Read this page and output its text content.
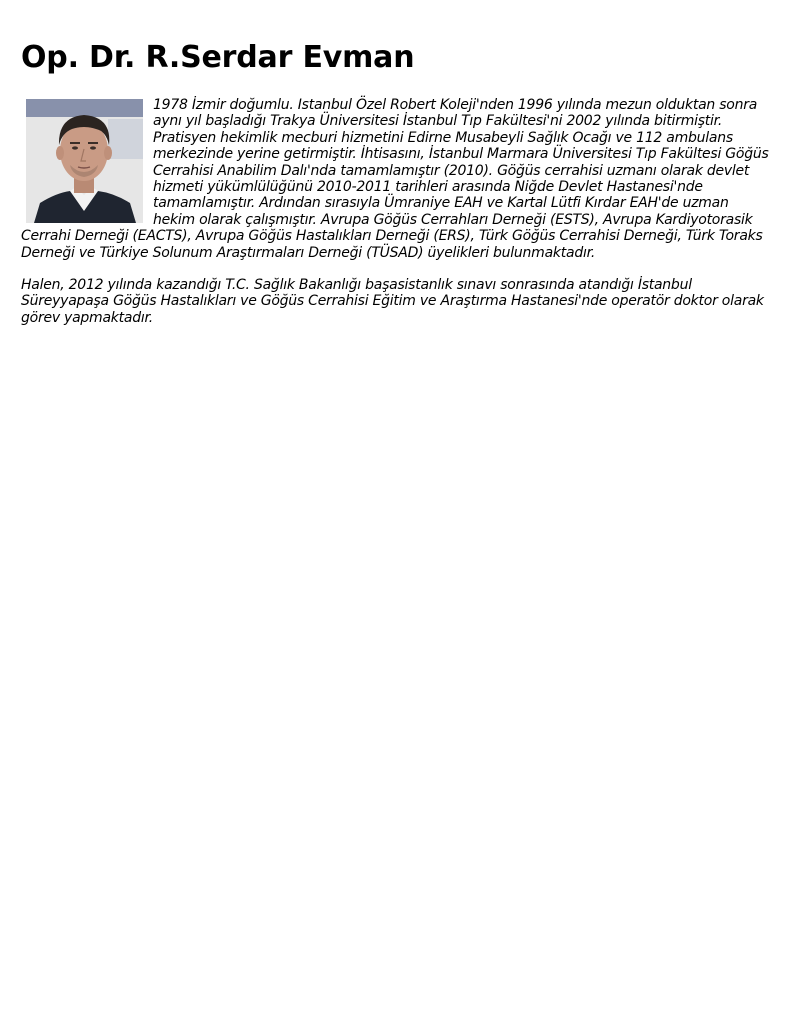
Op. Dr. R.Serdar Evman

1978 İzmir doğumlu. Istanbul Özel Robert Koleji'nden 1996 yılında mezun olduktan sonra aynı yıl başladığı Trakya Üniversitesi İstanbul Tıp Fakültesi'ni 2002 yılında bitirmiştir. Pratisyen hekimlik mecburi hizmetini Edirne Musabeyli Sağlık Ocağı ve 112 ambulans merkezinde yerine getirmiştir. İhtisasını, İstanbul Marmara Üniversitesi Tıp Fakültesi Göğüs Cerrahisi Anabilim Dalı'nda tamamlamıştır (2010). Göğüs cerrahisi uzmanı olarak devlet hizmeti yükümlülüğünü 2010-2011 tarihleri arasında Niğde Devlet Hastanesi'nde tamamlamıştır. Ardından sırasıyla Ümraniye EAH ve Kartal Lütfi Kırdar EAH'de uzman hekim olarak çalışmıştır. Avrupa Göğüs Cerrahları Derneği (ESTS), Avrupa Kardiyotorasik Cerrahi Derneği (EACTS), Avrupa Göğüs Hastalıkları Derneği (ERS), Türk Göğüs Cerrahisi Derneği, Türk Toraks Derneği ve Türkiye Solunum Araştırmaları Derneği (TÜSAD) üyelikleri bulunmaktadır.

Halen, 2012 yılında kazandığı T.C. Sağlık Bakanlığı başasistanlık sınavı sonrasında atandığı İstanbul Süreyyapaşa Göğüs Hastalıkları ve Göğüs Cerrahisi Eğitim ve Araştırma Hastanesi'nde operatör doktor olarak görev yapmaktadır.
